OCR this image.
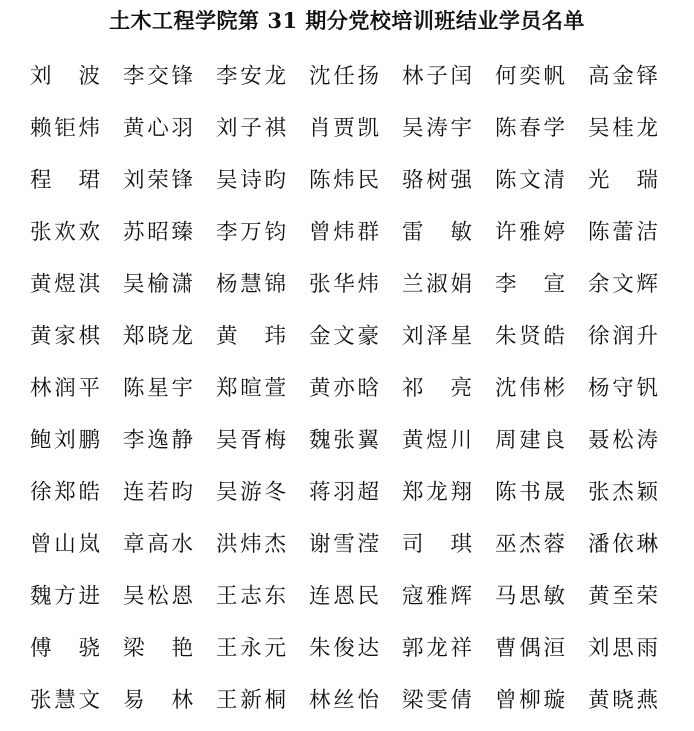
土木工程学院第 31 期分党校培训班结业学员名单
刘 波 李 交 锋 李 安 龙 沈 任 扬 林 子 闰 何 奕 帆 高 金 铎
赖 钜 炜 黄 心 羽 刘 子 祺 肖 贾 凯 吴 涛 宇 陈 春 学 吴 桂 龙
程 珺 刘 荣 锋 吴 诗 昀 陈 炜 民 骆 树 强 陈 文 清 光 瑞
张 欢 欢 苏 昭 臻 李 万 钧 曾 炜 群 雷 敏 许 雅 婷 陈 蕾 洁
黄 煜 淇 吴 榆 潇 杨 慧 锦 张 华 炜 兰 淑 娟 李 宣 余 文 辉
黄 家 棋 郑 晓 龙 黄 玮 金 文 豪 刘 泽 星 朱 贤 皓 徐 润 升
林 润 平 陈 星 宇 郑 暄 萱 黄 亦 晗 祁 亮 沈 伟 彬 杨 守 钒
鲍 刘 鹏 李 逸 静 吴 胥 梅 魏 张 翼 黄 煜 川 周 建 良 聂 松 涛
徐 郑 皓 连 若 昀 吴 游 冬 蒋 羽 超 郑 龙 翔 陈 书 晟 张 杰 颖
曾 山 岚 章 高 水 洪 炜 杰 谢 雪 滢 司 琪 巫 杰 蓉 潘 依 琳
魏 方 进 吴 松 恩 王 志 东 连 恩 民 寇 雅 辉 马 思 敏 黄 至 荣
傅 骁 梁 艳 王 永 元 朱 俊 达 郭 龙 祥 曹 偶 洹 刘 思 雨
张 慧 文 易 林 王 新 桐 林 丝 怡 梁 雯 倩 曾 柳 璇 黄 晓 燕
